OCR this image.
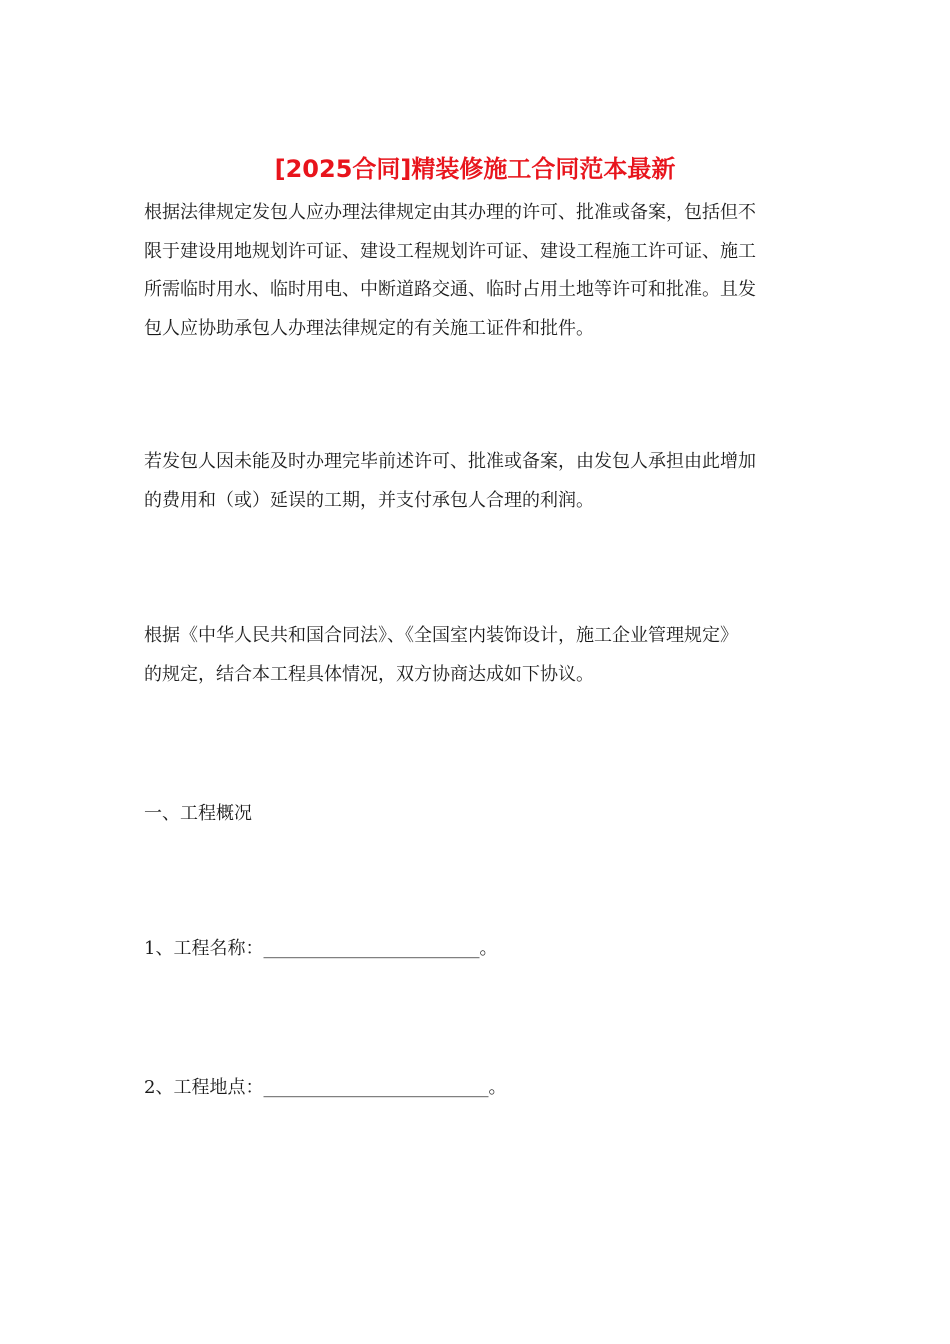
[2025合同]精装修施工合同范本最新

根据法律规定发包人应办理法律规定由其办理的许可、批准或备案，包括但不
限于建设用地规划许可证、建设工程规划许可证、建设工程施工许可证、施工
所需临时用水、临时用电、中断道路交通、临时占用土地等许可和批准。且发
包人应协助承包人办理法律规定的有关施工证件和批件。

若发包人因未能及时办理完毕前述许可、批准或备案，由发包人承担由此增加
的费用和（或）延误的工期，并支付承包人合理的利润。

根据《中华人民共和国合同法》、《全国室内装饰设计，施工企业管理规定》
的规定，结合本工程具体情况，双方协商达成如下协议。

一、工程概况

1、工程名称：________________________。

2、工程地点：_________________________。
